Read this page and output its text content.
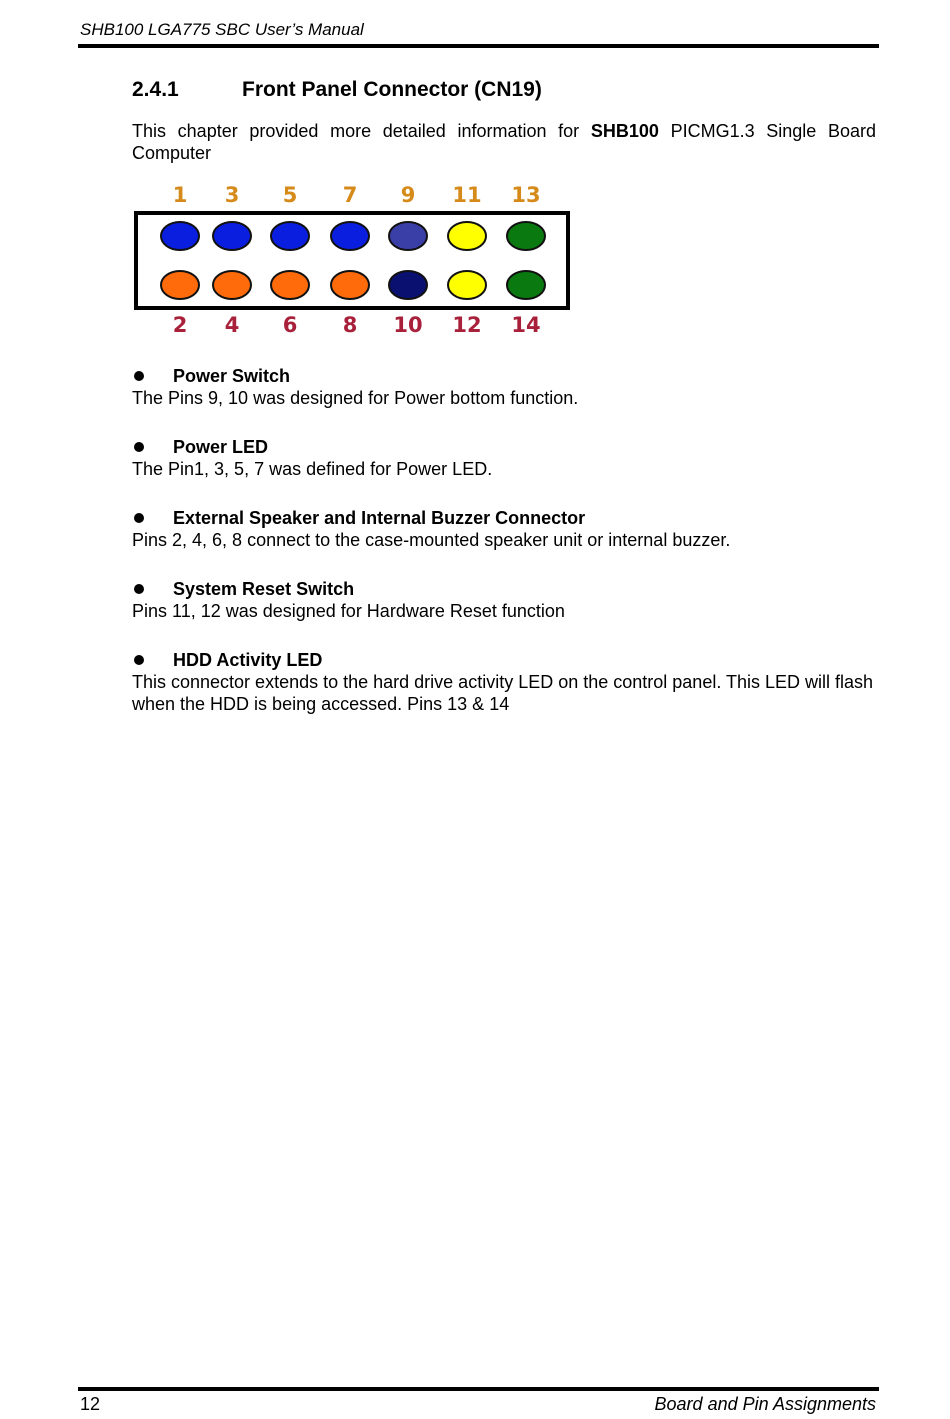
SHB100 LGA775 SBC User’s Manual
2.4.1	Front Panel Connector (CN19)

This chapter provided more detailed information for SHB100 PICMG1.3 Single Board Computer

1 3 5 7 9 11 13
2 4 6 8 10 12 14
Power Switch
The Pins 9, 10 was designed for Power bottom function.
Power LED
The Pin1, 3, 5, 7 was defined for Power LED.
External Speaker and Internal Buzzer Connector
Pins 2, 4, 6, 8 connect to the case-mounted speaker unit or internal buzzer.
System Reset Switch
Pins 11, 12 was designed for Hardware Reset function
HDD Activity LED
This connector extends to the hard drive activity LED on the control panel. This LED will flash when the HDD is being accessed. Pins 13 & 14
12	Board and Pin Assignments
